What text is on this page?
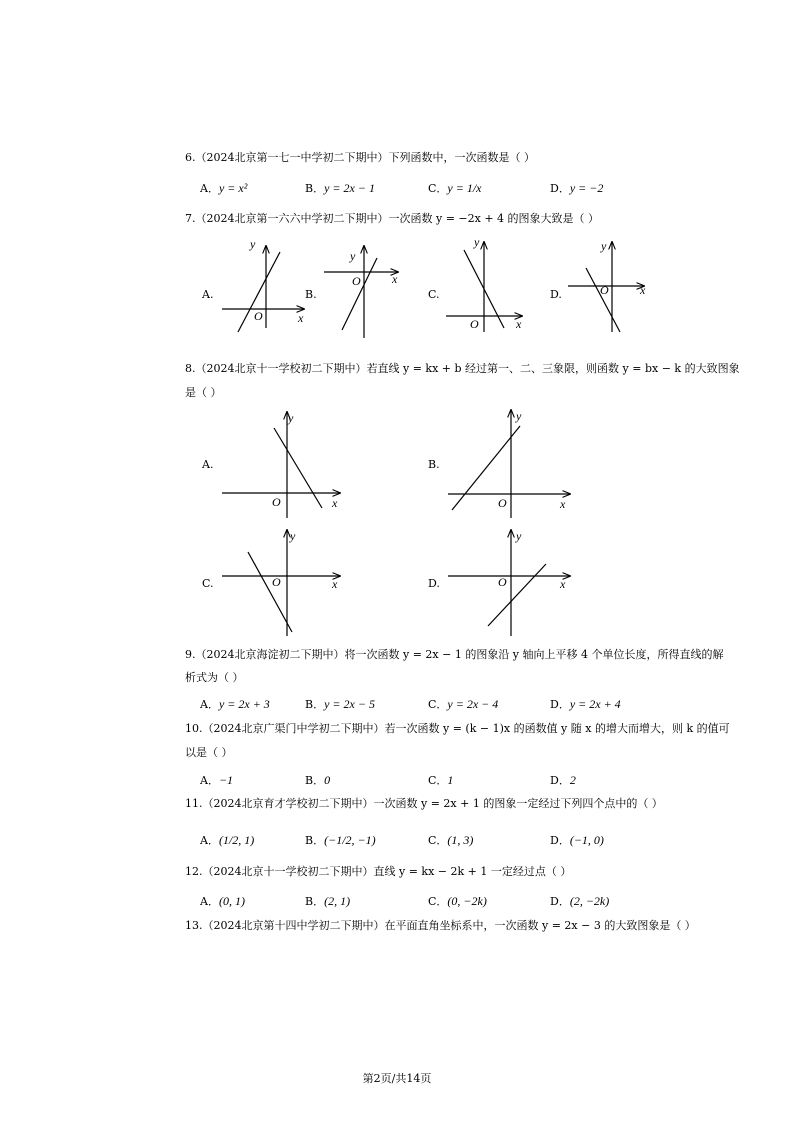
6.（2024北京第一七一中学初二下期中）下列函数中，一次函数是（ ）
A．y = x²	B．y = 2x − 1	C．y = 1/x	D．y = −2
7.（2024北京第一六六中学初二下期中）一次函数 y = −2x + 4 的图象大致是（ ）
A.
y
x
O
B.
y
x
O
C.
y
x
O
D.
y
x
O
8.（2024北京十一学校初二下期中）若直线 y = kx + b 经过第一、二、三象限，则函数 y = bx − k 的大致图象
是（ ）
A.
y
x
O
B.
y
x
O
C.
y
x
O	D.
y
x
O
9.（2024北京海淀初二下期中）将一次函数 y = 2x − 1 的图象沿 y 轴向上平移 4 个单位长度，所得直线的解
析式为（ ）
A．y = 2x + 3	B．y = 2x − 5	C．y = 2x − 4	D．y = 2x + 4
10.（2024北京广渠门中学初二下期中）若一次函数 y = (k − 1)x 的函数值 y 随 x 的增大而增大，则 k 的值可
以是（ ）
A．−1	B．0	C．1	D．2
11.（2024北京育才学校初二下期中）一次函数 y = 2x + 1 的图象一定经过下列四个点中的（ ）
A．(1/2, 1)	B．(−1/2, −1)	C．(1, 3)	D．(−1, 0)
12.（2024北京十一学校初二下期中）直线 y = kx − 2k + 1 一定经过点（ ）
A．(0, 1)	B．(2, 1)	C．(0, −2k)	D．(2, −2k)
13.（2024北京第十四中学初二下期中）在平面直角坐标系中，一次函数 y = 2x − 3 的大致图象是（ ）
第2页/共14页
